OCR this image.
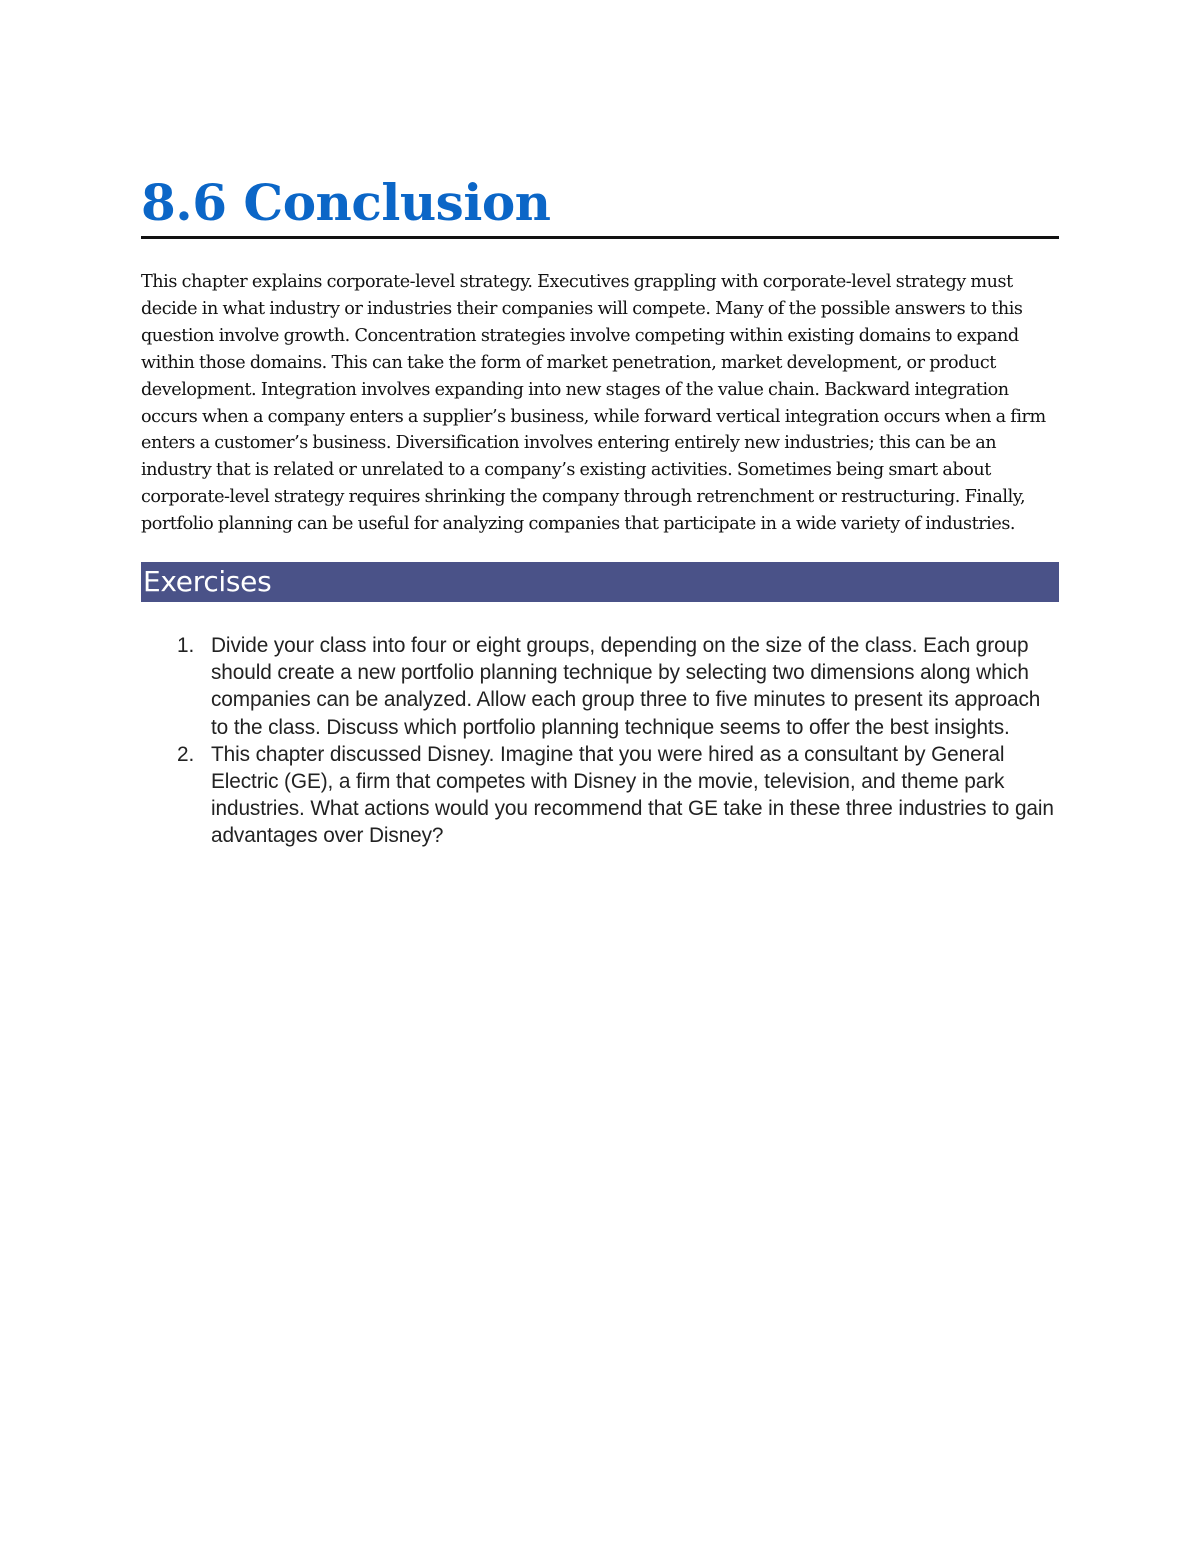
8.6 Conclusion

This chapter explains corporate-level strategy. Executives grappling with corporate-level strategy must decide in what industry or industries their companies will compete. Many of the possible answers to this question involve growth. Concentration strategies involve competing within existing domains to expand within those domains. This can take the form of market penetration, market development, or product development. Integration involves expanding into new stages of the value chain. Backward integration occurs when a company enters a supplier’s business, while forward vertical integration occurs when a firm enters a customer’s business. Diversification involves entering entirely new industries; this can be an industry that is related or unrelated to a company’s existing activities. Sometimes being smart about corporate-level strategy requires shrinking the company through retrenchment or restructuring. Finally, portfolio planning can be useful for analyzing companies that participate in a wide variety of industries.

Exercises
1. Divide your class into four or eight groups, depending on the size of the class. Each group should create a new portfolio planning technique by selecting two dimensions along which companies can be analyzed. Allow each group three to five minutes to present its approach to the class. Discuss which portfolio planning technique seems to offer the best insights.
2. This chapter discussed Disney. Imagine that you were hired as a consultant by General Electric (GE), a firm that competes with Disney in the movie, television, and theme park industries. What actions would you recommend that GE take in these three industries to gain advantages over Disney?
